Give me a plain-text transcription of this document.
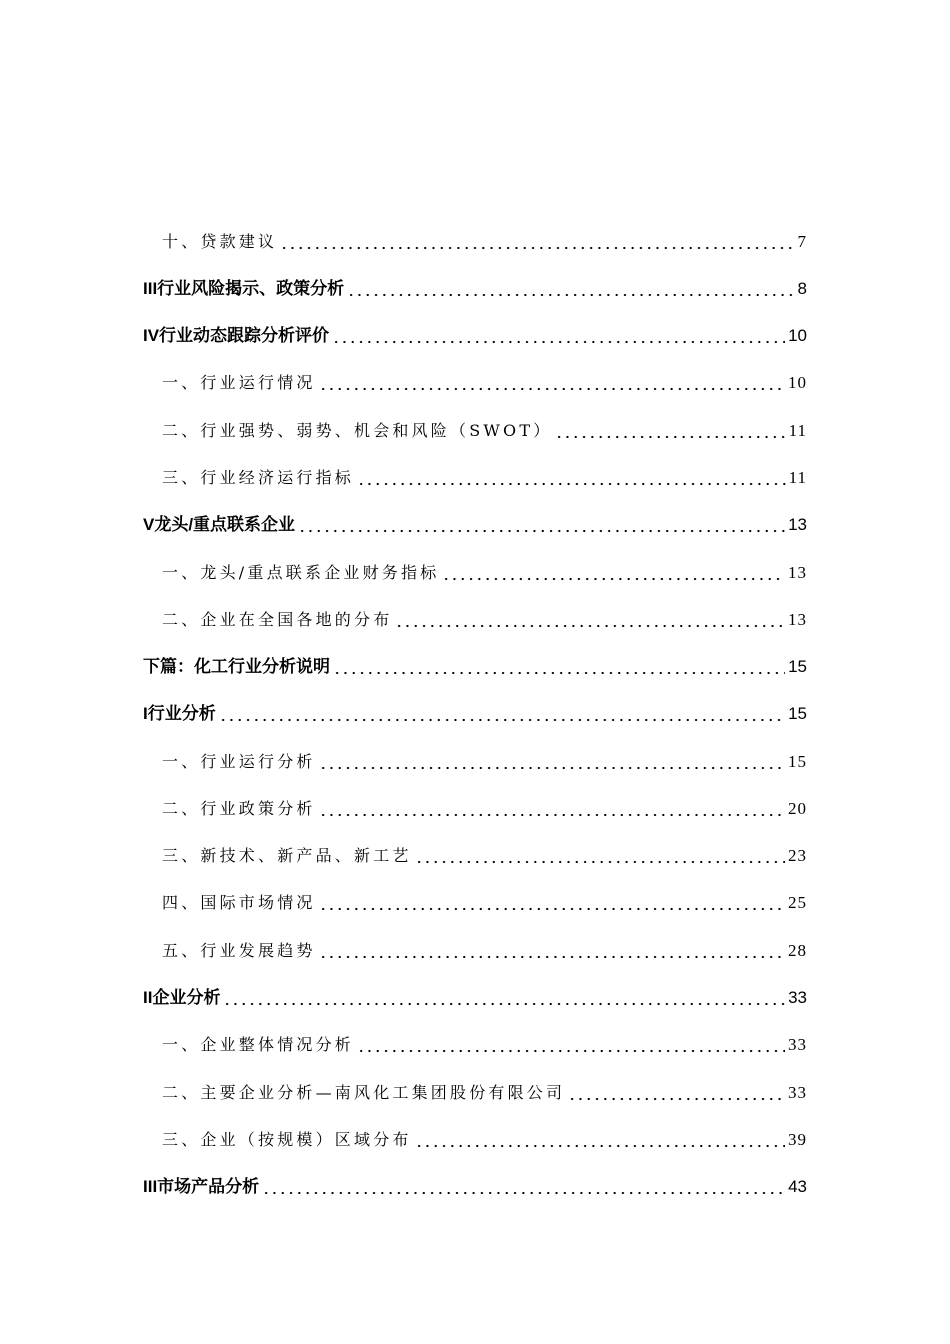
十、贷款建议	7
III行业风险揭示、政策分析	8
IV行业动态跟踪分析评价	10
一、行业运行情况	10
二、行业强势、弱势、机会和风险（SWOT）	11
三、行业经济运行指标	11
V龙头/重点联系企业	13
一、龙头/重点联系企业财务指标	13
二、企业在全国各地的分布	13
下篇：化工行业分析说明	15
I行业分析	15
一、行业运行分析	15
二、行业政策分析	20
三、新技术、新产品、新工艺	23
四、国际市场情况	25
五、行业发展趋势	28
II企业分析	33
一、企业整体情况分析	33
二、主要企业分析—南风化工集团股份有限公司	33
三、企业（按规模）区域分布	39
III市场产品分析	43
